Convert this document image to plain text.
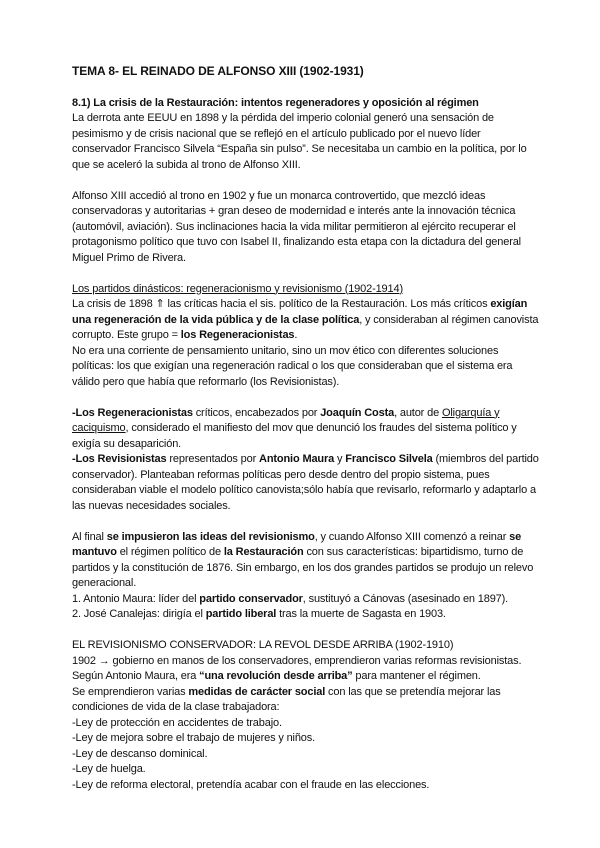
TEMA 8- EL REINADO DE ALFONSO XIII (1902-1931)

8.1) La crisis de la Restauración: intentos regeneradores y oposición al régimen

La derrota ante EEUU en 1898 y la pérdida del imperio colonial generó una sensación de pesimismo y de crisis nacional que se reflejó en el artículo publicado por el nuevo líder conservador Francisco Silvela “España sin pulso”. Se necesitaba un cambio en la política, por lo que se aceleró la subida al trono de Alfonso XIII.

Alfonso XIII accedió al trono en 1902 y fue un monarca controvertido, que mezcló ideas conservadoras y autoritarias + gran deseo de modernidad e interés ante la innovación técnica (automóvil, aviación). Sus inclinaciones hacia la vida militar permitieron al ejército recuperar el protagonismo político que tuvo con Isabel II, finalizando esta etapa con la dictadura del general Miguel Primo de Rivera.

Los partidos dinásticos: regeneracionismo y revisionismo (1902-1914)

La crisis de 1898 ⇑ las críticas hacia el sis. político de la Restauración. Los más críticos exigían una regeneración de la vida pública y de la clase política, y consideraban al régimen canovista corrupto. Este grupo = los Regeneracionistas.

No era una corriente de pensamiento unitario, sino un mov ético con diferentes soluciones políticas: los que exigían una regeneración radical o los que consideraban que el sistema era válido pero que había que reformarlo (los Revisionistas).

-Los Regeneracionistas críticos, encabezados por Joaquín Costa, autor de Oligarquía y caciquismo, considerado el manifiesto del mov que denunció los fraudes del sistema político y exigía su desaparición.

-Los Revisionistas representados por Antonio Maura y Francisco Silvela (miembros del partido conservador). Planteaban reformas políticas pero desde dentro del propio sistema, pues consideraban viable el modelo político canovista;sólo había que revisarlo, reformarlo y adaptarlo a las nuevas necesidades sociales.

Al final se impusieron las ideas del revisionismo, y cuando Alfonso XIII comenzó a reinar se mantuvo el régimen político de la Restauración con sus características: bipartidismo, turno de partidos y la constitución de 1876. Sin embargo, en los dos grandes partidos se produjo un relevo generacional.

1. Antonio Maura: líder del partido conservador, sustituyó a Cánovas (asesinado en 1897).

2. José Canalejas: dirigía el partido liberal tras la muerte de Sagasta en 1903.

EL REVISIONISMO CONSERVADOR: LA REVOL DESDE ARRIBA (1902-1910)

1902 → gobierno en manos de los conservadores, emprendieron varias reformas revisionistas. Según Antonio Maura, era “una revolución desde arriba” para mantener el régimen.

Se emprendieron varias medidas de carácter social con las que se pretendía mejorar las condiciones de vida de la clase trabajadora:

-Ley de protección en accidentes de trabajo.

-Ley de mejora sobre el trabajo de mujeres y niños.

-Ley de descanso dominical.

-Ley de huelga.

-Ley de reforma electoral, pretendía acabar con el fraude en las elecciones.
